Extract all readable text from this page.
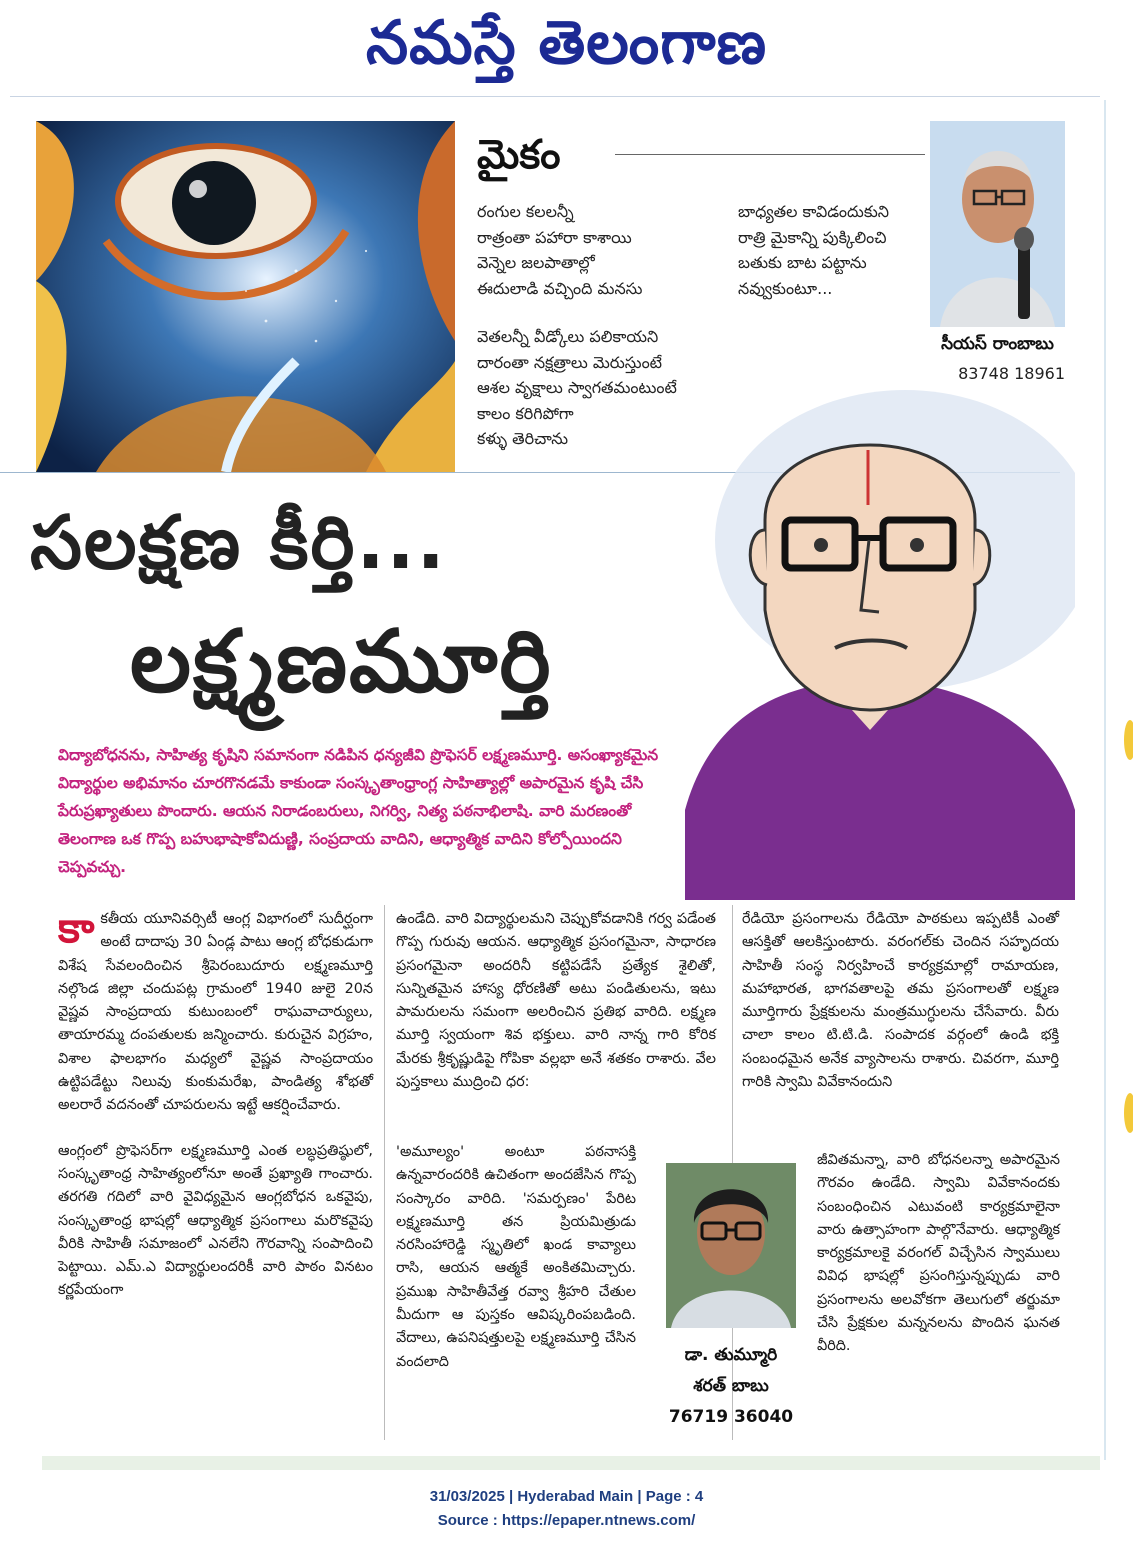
నమస్తే తెలంగాణ
మైకం
రంగుల కలలన్నీ
రాత్రంతా పహారా కాశాయి
వెన్నెల జలపాతాల్లో
ఈదులాడి వచ్చింది మనసు
వెతలన్నీ వీడ్కోలు పలికాయని
దారంతా నక్షత్రాలు మెరుస్తుంటే
ఆశల వృక్షాలు స్వాగతమంటుంటే
కాలం కరిగిపోగా
కళ్ళు తెరిచాను
బాధ్యతల కావిడందుకుని
రాత్రి మైకాన్ని పుక్కిలించి
బతుకు బాట పట్టాను
నవ్వుకుంటూ...
సీయస్ రాంబాబు
83748 18961
సలక్షణ కీర్తి...
లక్ష్మణమూర్తి
విద్యాబోధనను, సాహిత్య కృషిని సమానంగా నడిపిన ధన్యజీవి ప్రొఫెసర్ లక్ష్మణమూర్తి. అసంఖ్యాకమైన విద్యార్థుల అభిమానం చూరగొనడమే కాకుండా సంస్కృతాంధ్రాంగ్ల సాహిత్యాల్లో అపారమైన కృషి చేసి పేరుప్రఖ్యాతులు పొందారు. ఆయన నిరాడంబరులు, నిగర్వి, నిత్య పఠనాభిలాషి. వారి మరణంతో తెలంగాణ ఒక గొప్ప బహుభాషాకోవిదుణ్ణి, సంప్రదాయ వాదిని, ఆధ్యాత్మిక వాదిని కోల్పోయిందని చెప్పవచ్చు.

కాకతీయ యూనివర్సిటీ ఆంగ్ల విభాగంలో సుదీర్ఘంగా అంటే దాదాపు 30 ఏండ్ల పాటు ఆంగ్ల బోధకుడుగా విశేష సేవలందించిన శ్రీపెరంబుదూరు లక్ష్మణమూర్తి నల్గొండ జిల్లా చందుపట్ల గ్రామంలో 1940 జులై 20న వైష్ణవ సాంప్రదాయ కుటుంబంలో రాఘవాచార్యులు, తాయారమ్మ దంపతులకు జన్మించారు. కురుచైన విగ్రహం, విశాల ఫాలభాగం మధ్యలో వైష్ణవ సాంప్రదాయం ఉట్టిపడేట్టు నిలువు కుంకుమరేఖ, పాండిత్య శోభతో అలరారే వదనంతో చూపరులను ఇట్టే ఆకర్షించేవారు.

ఆంగ్లంలో ప్రొఫెసర్‌గా లక్ష్మణమూర్తి ఎంత లబ్ధప్రతిష్ఠులో, సంస్కృతాంధ్ర సాహిత్యంలోనూ అంతే ప్రఖ్యాతి గాంచారు. తరగతి గదిలో వారి వైవిధ్యమైన ఆంగ్లబోధన ఒకవైపు, సంస్కృతాంధ్ర భాషల్లో ఆధ్యాత్మిక ప్రసంగాలు మరొకవైపు వీరికి సాహితీ సమాజంలో ఎనలేని గౌరవాన్ని సంపాదించి పెట్టాయి. ఎమ్.ఎ విద్యార్థులందరికీ వారి పాఠం వినటం కర్ణపేయంగా

ఉండేది. వారి విద్యార్థులమని చెప్పుకోవడానికి గర్వ పడేంత గొప్ప గురువు ఆయన. ఆధ్యాత్మిక ప్రసంగమైనా, సాధారణ ప్రసంగమైనా అందరినీ కట్టిపడేసే ప్రత్యేక శైలితో, సున్నితమైన హాస్య ధోరణితో అటు పండితులను, ఇటు పామరులను సమంగా అలరించిన ప్రతిభ వారిది. లక్ష్మణ మూర్తి స్వయంగా శివ భక్తులు. వారి నాన్న గారి కోరిక మేరకు శ్రీకృష్ణుడిపై గోపికా వల్లభా అనే శతకం రాశారు. వేల పుస్తకాలు ముద్రించి ధర:

'అమూల్యం' అంటూ పఠనాసక్తి ఉన్నవారందరికి ఉచితంగా అందజేసిన గొప్ప సంస్కారం వారిది. 'సమర్పణం' పేరిట లక్ష్మణమూర్తి తన ప్రియమిత్రుడు నరసింహారెడ్డి స్మృతిలో ఖండ కావ్యాలు రాసి, ఆయన ఆత్మకే అంకితమిచ్చారు. ప్రముఖ సాహితీవేత్త రవ్వా శ్రీహరి చేతుల మీదుగా ఆ పుస్తకం ఆవిష్కరింపబడింది. వేదాలు, ఉపనిషత్తులపై లక్ష్మణమూర్తి చేసిన వందలాది

రేడియో ప్రసంగాలను రేడియో పాఠకులు ఇప్పటికీ ఎంతో ఆసక్తితో ఆలకిస్తుంటారు. వరంగల్‌కు చెందిన సహృదయ సాహితీ సంస్థ నిర్వహించే కార్యక్రమాల్లో రామాయణ, మహాభారత, భాగవతాలపై తమ ప్రసంగాలతో లక్ష్మణ మూర్తిగారు ప్రేక్షకులను మంత్రముగ్ధులను చేసేవారు. వీరు చాలా కాలం టి.టి.డి. సంపాదక వర్గంలో ఉండి భక్తి సంబంధమైన అనేక వ్యాసాలను రాశారు. చివరగా, మూర్తి గారికి స్వామి వివేకానందుని

జీవితమన్నా, వారి బోధనలన్నా అపారమైన గౌరవం ఉండేది. స్వామి వివేకానందకు సంబంధించిన ఎటువంటి కార్యక్రమాలైనా వారు ఉత్సాహంగా పాల్గొనేవారు. ఆధ్యాత్మిక కార్యక్రమాలకై వరంగల్ విచ్చేసిన స్వాములు వివిధ భాషల్లో ప్రసంగిస్తున్నప్పుడు వారి ప్రసంగాలను అలవోకగా తెలుగులో తర్జుమా చేసి ప్రేక్షకుల మన్ననలను పొందిన ఘనత వీరిది.

డా. తుమ్మూరి
శరత్ బాబు
76719 36040
31/03/2025 | Hyderabad Main | Page : 4
Source : https://epaper.ntnews.com/
